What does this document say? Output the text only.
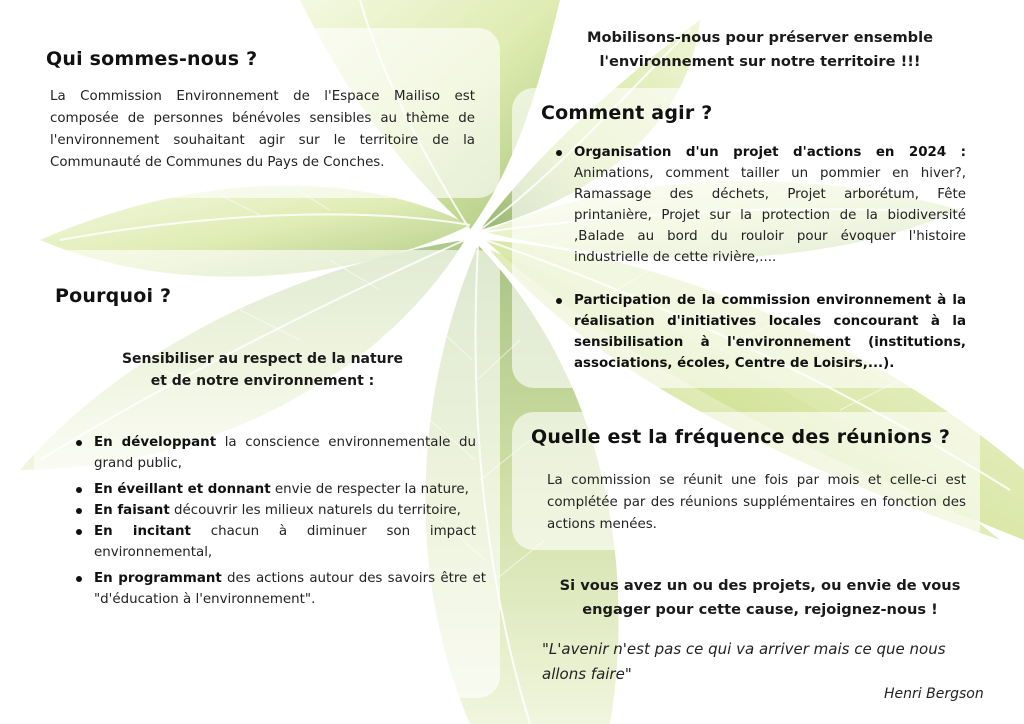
Mobilisons-nous pour préserver ensemble
l'environnement sur notre territoire !!!
Qui sommes-nous ?

La Commission Environnement de l'Espace Mailiso est composée de personnes bénévoles sensibles au thème de l'environnement souhaitant agir sur le territoire de la Communauté de Communes du Pays de Conches.

Pourquoi ?
Sensibiliser au respect de la nature
et de notre environnement :
En développant la conscience environnementale du grand public,
En éveillant et donnant envie de respecter la nature,
En faisant découvrir les milieux naturels du territoire,
En incitant chacun à diminuer son impact environnemental,
En programmant des actions autour des savoirs être et "d'éducation à l'environnement".
Comment agir ?
Organisation d'un projet d'actions en 2024 : Animations, comment tailler un pommier en hiver?, Ramassage des déchets, Projet arborétum, Fête printanière, Projet sur la protection de la biodiversité ,Balade au bord du rouloir pour évoquer l'histoire industrielle de cette rivière,....
Participation de la commission environnement à la réalisation d'initiatives locales concourant à la sensibilisation à l'environnement (institutions, associations, écoles, Centre de Loisirs,...).
Quelle est la fréquence des réunions ?

La commission se réunit une fois par mois et celle-ci est complétée par des réunions supplémentaires en fonction des actions menées.

Si vous avez un ou des projets, ou envie de vous
engager pour cette cause, rejoignez-nous !

"L'avenir n'est pas ce qui va arriver mais ce que nous allons faire"

Henri Bergson
